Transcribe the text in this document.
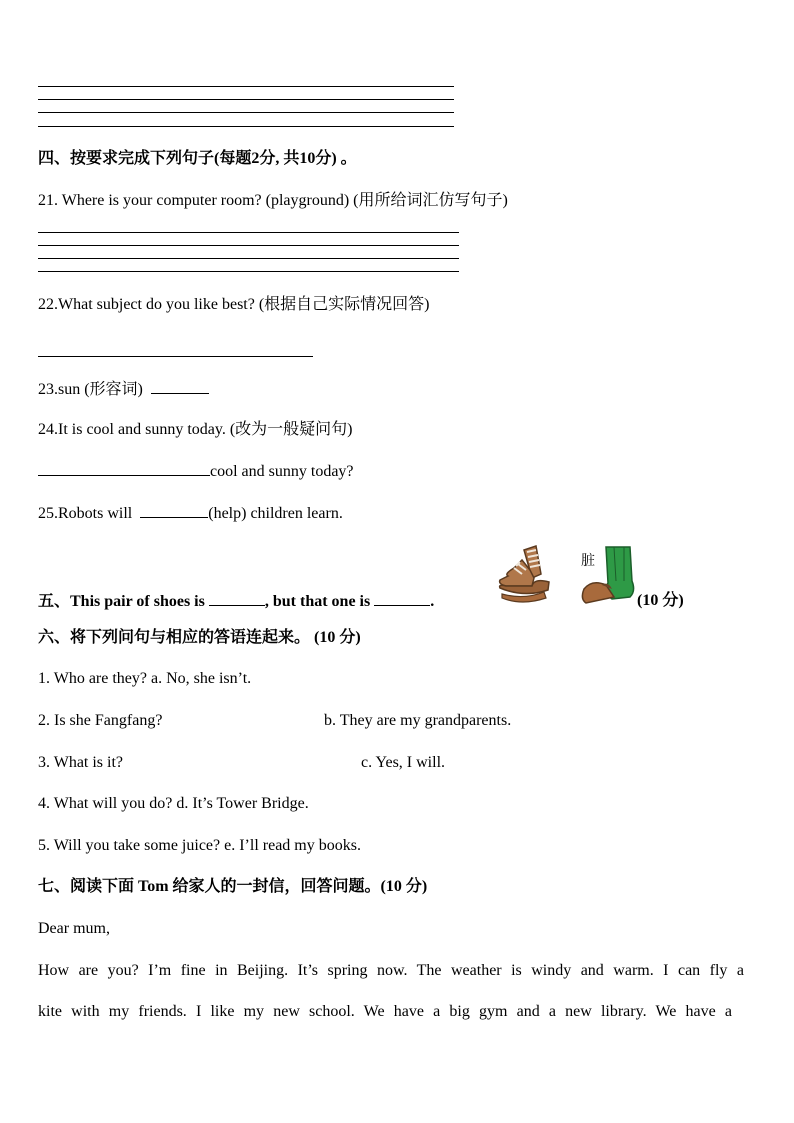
四、按要求完成下列句子(每题2分, 共10分) 。
21. Where is your computer room? (playground) (用所给词汇仿写句子)
22.What subject do you like best? (根据自己实际情况回答)
23.sun (形容词)
24.It is cool and sunny today. (改为一般疑问句)
cool and sunny today?
25.Robots will	(help) children learn.
五、This pair of shoes is	, but that one is	.
脏
(10 分)
六、将下列问句与相应的答语连起来。 (10 分)
1. Who are they? a. No, she isn’t.
2. Is she Fangfang?	b. They are my grandparents.
3. What is it?	c. Yes, I will.
4. What will you do? d. It’s Tower Bridge.
5. Will you take some juice? e. I’ll read my books.
七、阅读下面 Tom 给家人的一封信，回答问题。(10 分)
Dear mum,
How are you? I’m fine in Beijing. It’s spring now. The weather is windy and warm. I can fly a
kite with my friends. I like my new school. We have a big gym and a new library. We have a
